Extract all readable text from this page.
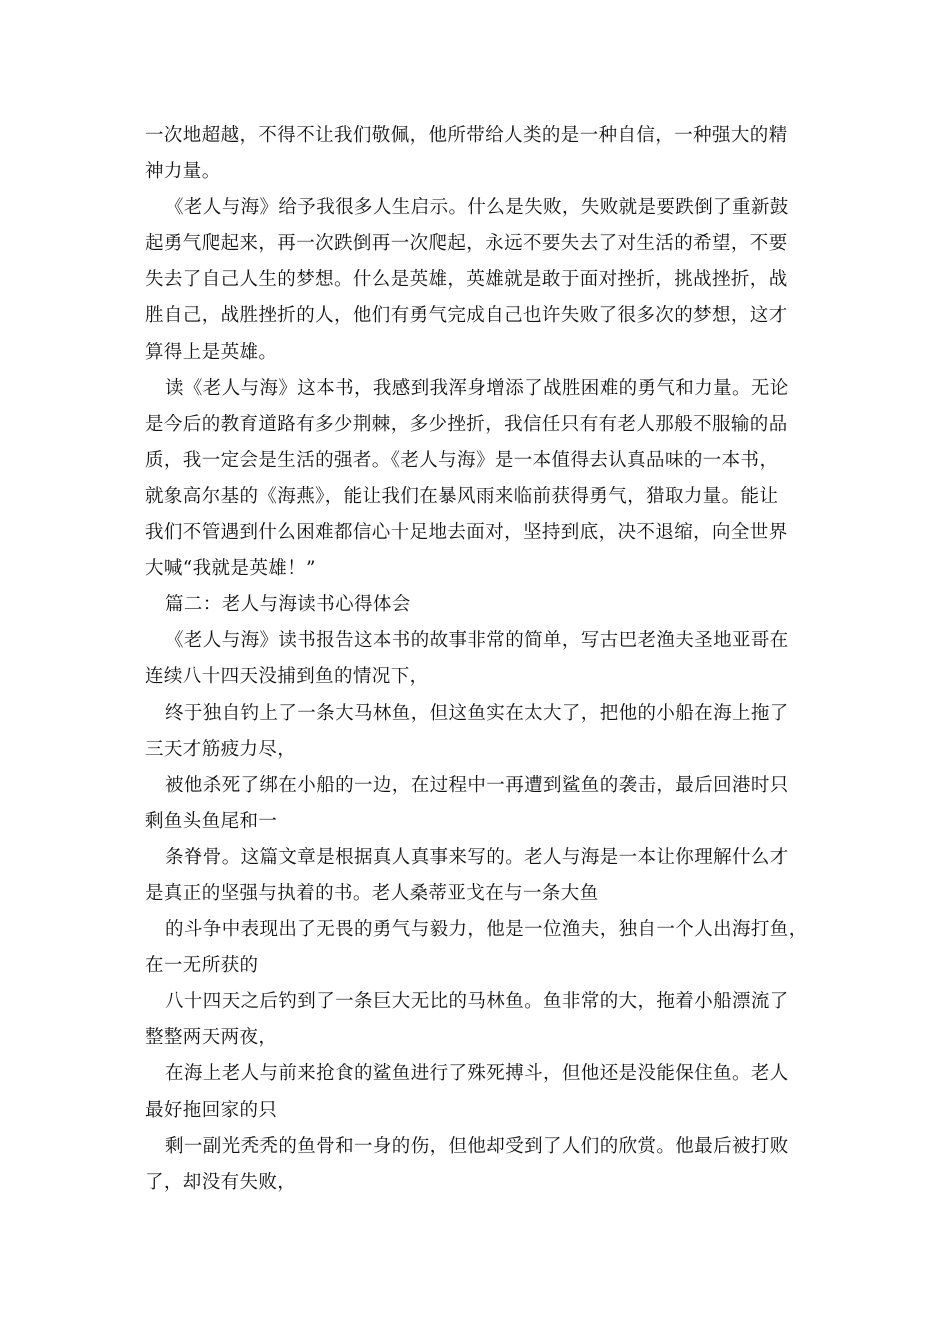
一次地超越，不得不让我们敬佩，他所带给人类的是一种自信，一种强大的精
神力量。
《老人与海》给予我很多人生启示。什么是失败，失败就是要跌倒了重新鼓
起勇气爬起来，再一次跌倒再一次爬起，永远不要失去了对生活的希望，不要
失去了自己人生的梦想。什么是英雄，英雄就是敢于面对挫折，挑战挫折，战
胜自己，战胜挫折的人，他们有勇气完成自己也许失败了很多次的梦想，这才
算得上是英雄。
读《老人与海》这本书，我感到我浑身增添了战胜困难的勇气和力量。无论
是今后的教育道路有多少荆棘，多少挫折，我信任只有有老人那般不服输的品
质，我一定会是生活的强者。《老人与海》是一本值得去认真品味的一本书，
就象高尔基的《海燕》，能让我们在暴风雨来临前获得勇气，猎取力量。能让
我们不管遇到什么困难都信心十足地去面对，坚持到底，决不退缩，向全世界
大喊“我就是英雄！”
篇二：老人与海读书心得体会
《老人与海》读书报告这本书的故事非常的简单，写古巴老渔夫圣地亚哥在
连续八十四天没捕到鱼的情况下，
终于独自钓上了一条大马林鱼，但这鱼实在太大了，把他的小船在海上拖了
三天才筋疲力尽，
被他杀死了绑在小船的一边，在过程中一再遭到鲨鱼的袭击，最后回港时只
剩鱼头鱼尾和一
条脊骨。这篇文章是根据真人真事来写的。老人与海是一本让你理解什么才
是真正的坚强与执着的书。老人桑蒂亚戈在与一条大鱼
的斗争中表现出了无畏的勇气与毅力，他是一位渔夫，独自一个人出海打鱼，
在一无所获的
八十四天之后钓到了一条巨大无比的马林鱼。鱼非常的大，拖着小船漂流了
整整两天两夜，
在海上老人与前来抢食的鲨鱼进行了殊死搏斗，但他还是没能保住鱼。老人
最好拖回家的只
剩一副光秃秃的鱼骨和一身的伤，但他却受到了人们的欣赏。他最后被打败
了，却没有失败，
